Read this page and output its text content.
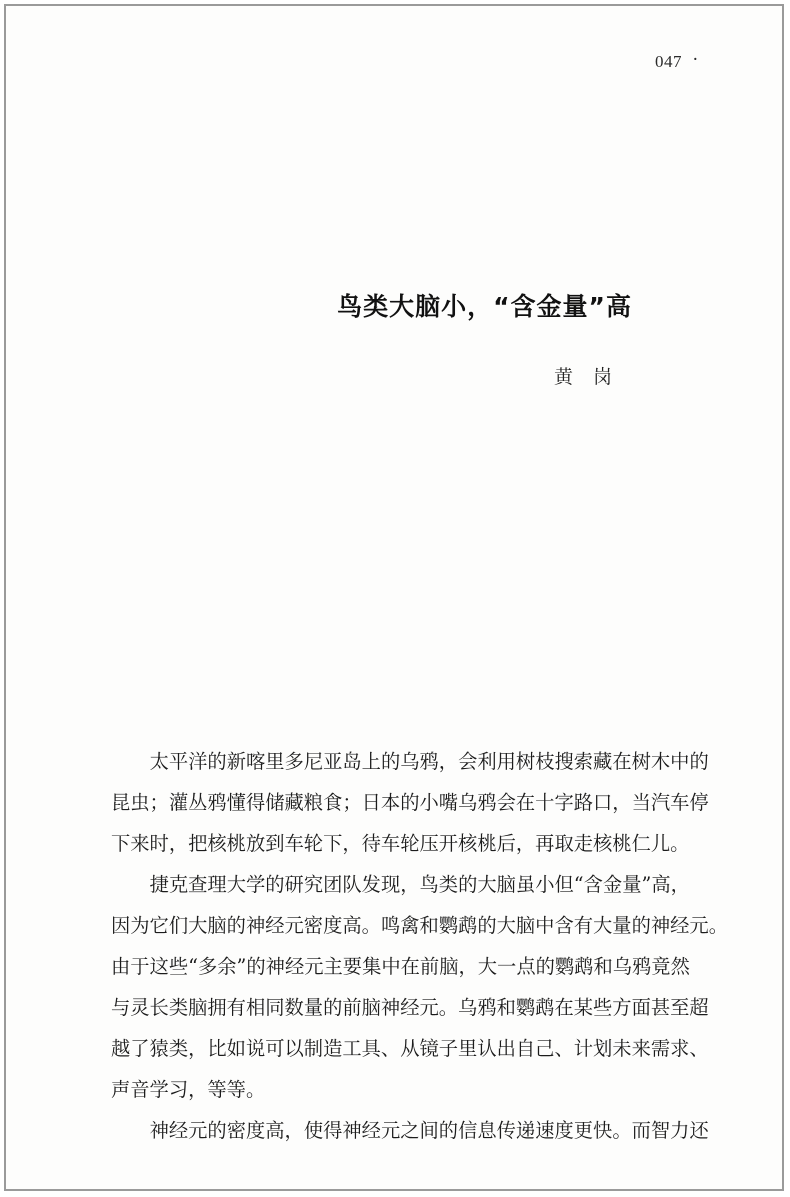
047 ·
鸟类大脑小，“含金量”高
黄岗
太平洋的新喀里多尼亚岛上的乌鸦，会利用树枝搜索藏在树木中的
昆虫；灌丛鸦懂得储藏粮食；日本的小嘴乌鸦会在十字路口，当汽车停
下来时，把核桃放到车轮下，待车轮压开核桃后，再取走核桃仁儿。
捷克查理大学的研究团队发现，鸟类的大脑虽小但“含金量”高，
因为它们大脑的神经元密度高。鸣禽和鹦鹉的大脑中含有大量的神经元。
由于这些“多余”的神经元主要集中在前脑，大一点的鹦鹉和乌鸦竟然
与灵长类脑拥有相同数量的前脑神经元。乌鸦和鹦鹉在某些方面甚至超
越了猿类，比如说可以制造工具、从镜子里认出自己、计划未来需求、
声音学习，等等。
神经元的密度高，使得神经元之间的信息传递速度更快。而智力还
